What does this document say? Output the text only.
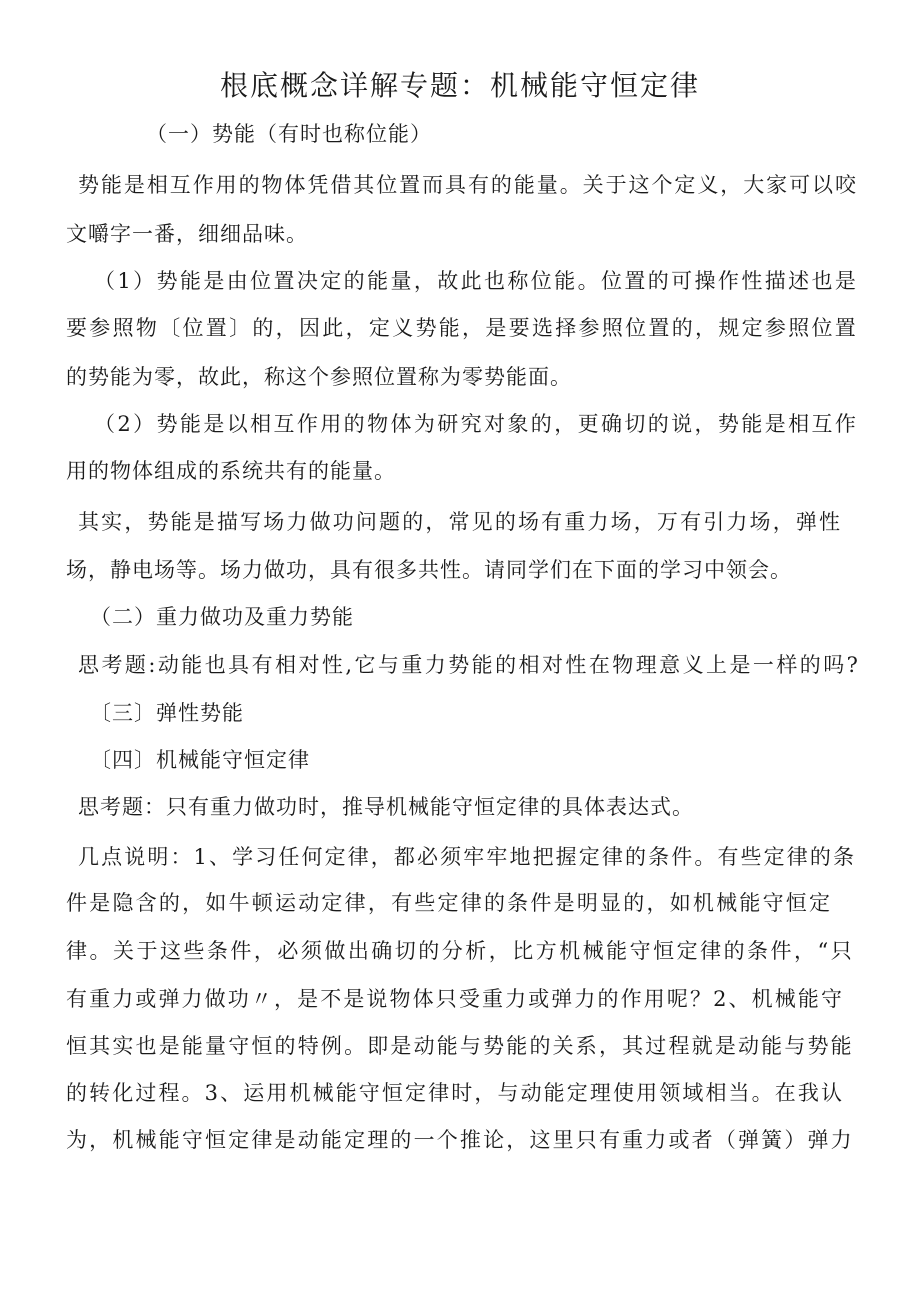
根底概念详解专题：机械能守恒定律
（一）势能（有时也称位能）
势 能 是 相 互 作 用 的 物 体 凭 借 其 位 置 而 具 有 的 能 量 。 关 于 这 个 定 义 ， 大 家 可 以 咬
文嚼字一番，细细品味。
（ 1 ） 势 能 是 由 位 置 决 定 的 能 量 ， 故 此 也 称 位 能 。 位 置 的 可 操 作 性 描 述 也 是
要 参 照 物 〔 位 置 〕 的 ， 因 此 ， 定 义 势 能 ， 是 要 选 择 参 照 位 置 的 ， 规 定 参 照 位 置
的势能为零，故此，称这个参照位置称为零势能面。
（ 2 ） 势 能 是 以 相 互 作 用 的 物 体 为 研 究 对 象 的 ， 更 确 切 的 说 ， 势 能 是 相 互 作
用的物体组成的系统共有的能量。
其 实 ， 势 能 是 描 写 场 力 做 功 问 题 的 ， 常 见 的 场 有 重 力 场 ， 万 有 引 力 场 ， 弹 性
场，静电场等。场力做功，具有很多共性。请同学们在下面的学习中领会。
（二）重力做功及重力势能
思 考 题 : 动 能 也 具 有 相 对 性 , 它 与 重 力 势 能 的 相 对 性 在 物 理 意 义 上 是 一 样 的 吗 ?
〔三〕弹性势能
〔四〕机械能守恒定律
思考题：只有重力做功时，推导机械能守恒定律的具体表达式。
几 点 说 明 ： 1 、 学 习 任 何 定 律 ， 都 必 须 牢 牢 地 把 握 定 律 的 条 件 。 有 些 定 律 的 条
件 是 隐 含 的 ， 如 牛 顿 运 动 定 律 ， 有 些 定 律 的 条 件 是 明 显 的 ， 如 机 械 能 守 恒 定
律 。 关 于 这 些 条 件 ， 必 须 做 出 确 切 的 分 析 ， 比 方 机 械 能 守 恒 定 律 的 条 件 ， “ 只
有 重 力 或 弹 力 做 功 〃 ， 是 不 是 说 物 体 只 受 重 力 或 弹 力 的 作 用 呢 ？ 2 、 机 械 能 守
恒 其 实 也 是 能 量 守 恒 的 特 例 。 即 是 动 能 与 势 能 的 关 系 ， 其 过 程 就 是 动 能 与 势 能
的 转 化 过 程 。 3 、 运 用 机 械 能 守 恒 定 律 时 ， 与 动 能 定 理 使 用 领 域 相 当 。 在 我 认
为 ， 机 械 能 守 恒 定 律 是 动 能 定 理 的 一 个 推 论 ， 这 里 只 有 重 力 或 者 （ 弹 簧 ） 弹 力
